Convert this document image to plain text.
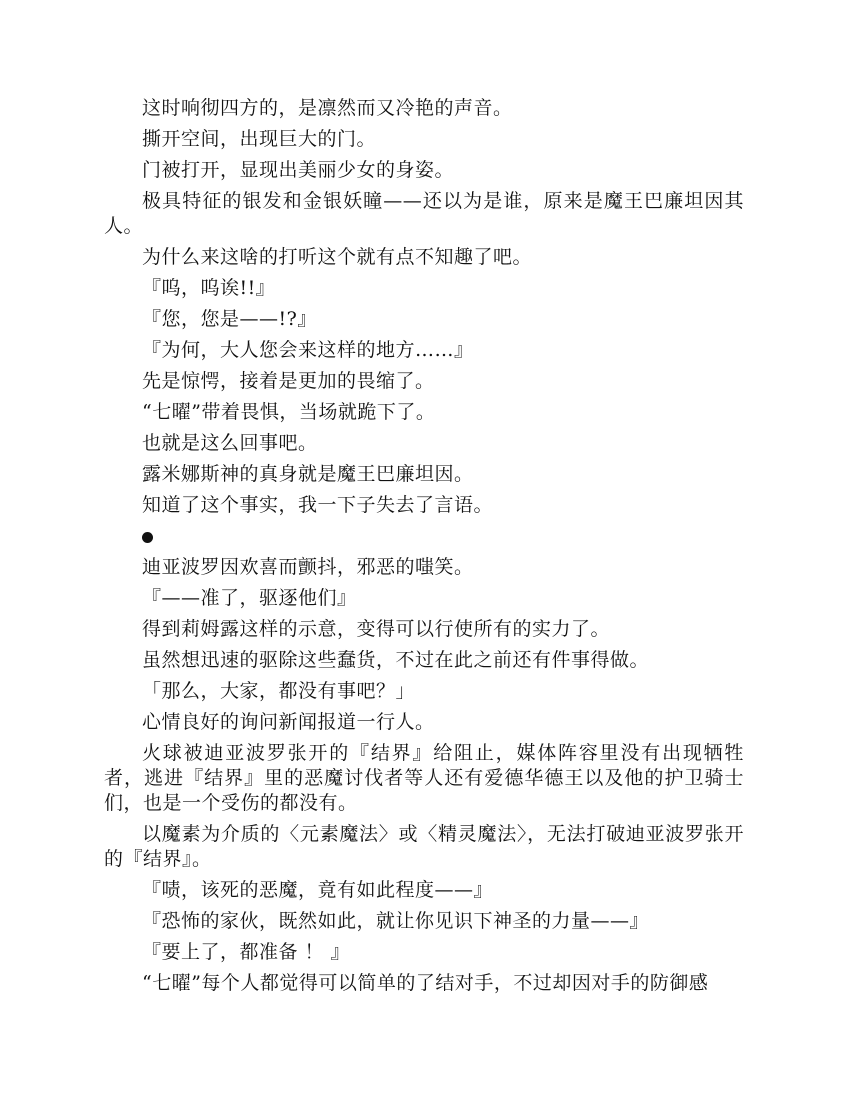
这时响彻四方的，是凛然而又冷艳的声音。

撕开空间，出现巨大的门。

门被打开，显现出美丽少女的身姿。

极具特征的银发和金银妖瞳——还以为是谁，原来是魔王巴廉坦因其人。

为什么来这啥的打听这个就有点不知趣了吧。

『呜，呜诶!!』

『您，您是——!?』

『为何，大人您会来这样的地方……』

先是惊愕，接着是更加的畏缩了。

“七曜”带着畏惧，当场就跪下了。

也就是这么回事吧。

露米娜斯神的真身就是魔王巴廉坦因。

知道了这个事实，我一下子失去了言语。

迪亚波罗因欢喜而颤抖，邪恶的嗤笑。

『——准了，驱逐他们』

得到莉姆露这样的示意，变得可以行使所有的实力了。

虽然想迅速的驱除这些蠢货，不过在此之前还有件事得做。

「那么，大家，都没有事吧？」

心情良好的询问新闻报道一行人。

火球被迪亚波罗张开的『结界』给阻止，媒体阵容里没有出现牺牲者，逃进『结界』里的恶魔讨伐者等人还有爱德华德王以及他的护卫骑士们，也是一个受伤的都没有。

以魔素为介质的〈元素魔法〉或〈精灵魔法〉，无法打破迪亚波罗张开的『结界』。

『啧，该死的恶魔，竟有如此程度——』

『恐怖的家伙，既然如此，就让你见识下神圣的力量——』

『要上了，都准备 ！ 』

“七曜”每个人都觉得可以简单的了结对手，不过却因对手的防御感
